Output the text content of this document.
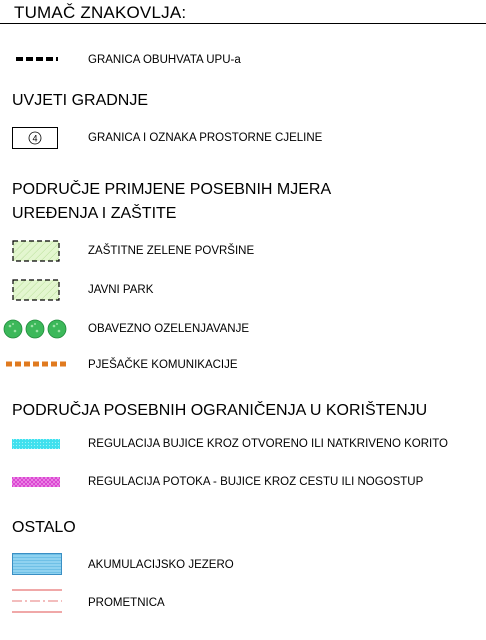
TUMAČ ZNAKOVLJA:
GRANICA OBUHVATA UPU-a
UVJETI GRADNJE
4	GRANICA I OZNAKA PROSTORNE CJELINE
PODRUČJE PRIMJENE POSEBNIH MJERA
UREĐENJA I ZAŠTITE
ZAŠTITNE ZELENE POVRŠINE
JAVNI PARK
OBAVEZNO OZELENJAVANJE
PJEŠAČKE KOMUNIKACIJE
PODRUČJA POSEBNIH OGRANIČENJA U KORIŠTENJU
REGULACIJA BUJICE KROZ OTVORENO ILI NATKRIVENO KORITO
REGULACIJA POTOKA - BUJICE KROZ CESTU ILI NOGOSTUP
OSTALO
AKUMULACIJSKO JEZERO
PROMETNICA
